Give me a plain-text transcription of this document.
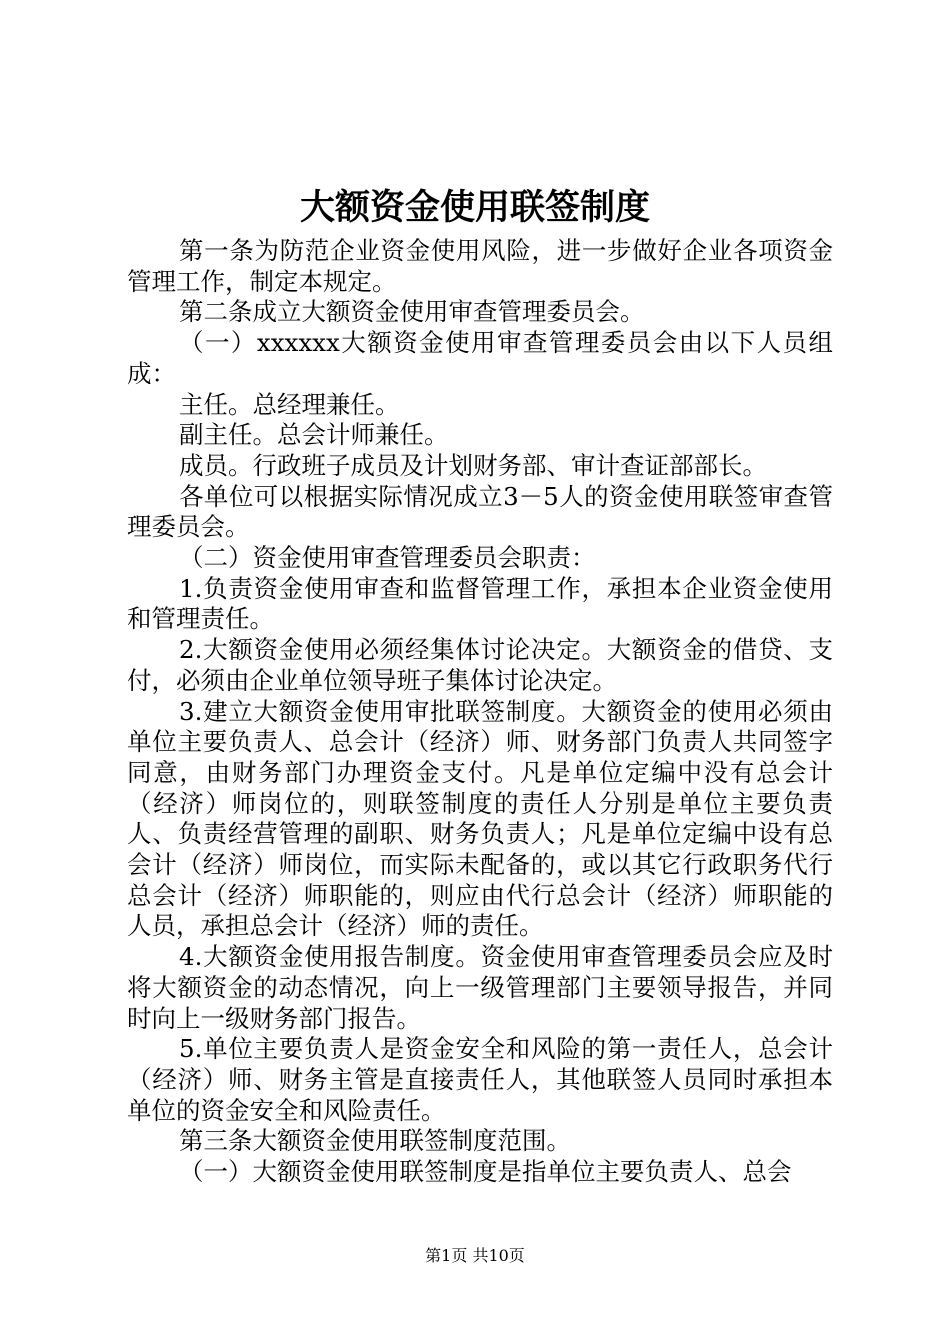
大额资金使用联签制度

第一条为防范企业资金使用风险，进一步做好企业各项资金管理工作，制定本规定。

第二条成立大额资金使用审查管理委员会。

（一）xxxxxx大额资金使用审查管理委员会由以下人员组成：

主任。总经理兼任。

副主任。总会计师兼任。

成员。行政班子成员及计划财务部、审计查证部部长。

各单位可以根据实际情况成立3－5人的资金使用联签审查管理委员会。

（二）资金使用审查管理委员会职责：

1.负责资金使用审查和监督管理工作，承担本企业资金使用和管理责任。

2.大额资金使用必须经集体讨论决定。大额资金的借贷、支付，必须由企业单位领导班子集体讨论决定。

3.建立大额资金使用审批联签制度。大额资金的使用必须由单位主要负责人、总会计（经济）师、财务部门负责人共同签字同意，由财务部门办理资金支付。凡是单位定编中没有总会计（经济）师岗位的，则联签制度的责任人分别是单位主要负责人、负责经营管理的副职、财务负责人；凡是单位定编中设有总会计（经济）师岗位，而实际未配备的，或以其它行政职务代行总会计（经济）师职能的，则应由代行总会计（经济）师职能的人员，承担总会计（经济）师的责任。

4.大额资金使用报告制度。资金使用审查管理委员会应及时将大额资金的动态情况，向上一级管理部门主要领导报告，并同时向上一级财务部门报告。

5.单位主要负责人是资金安全和风险的第一责任人，总会计（经济）师、财务主管是直接责任人，其他联签人员同时承担本单位的资金安全和风险责任。

第三条大额资金使用联签制度范围。

（一）大额资金使用联签制度是指单位主要负责人、总会

第1页 共10页
